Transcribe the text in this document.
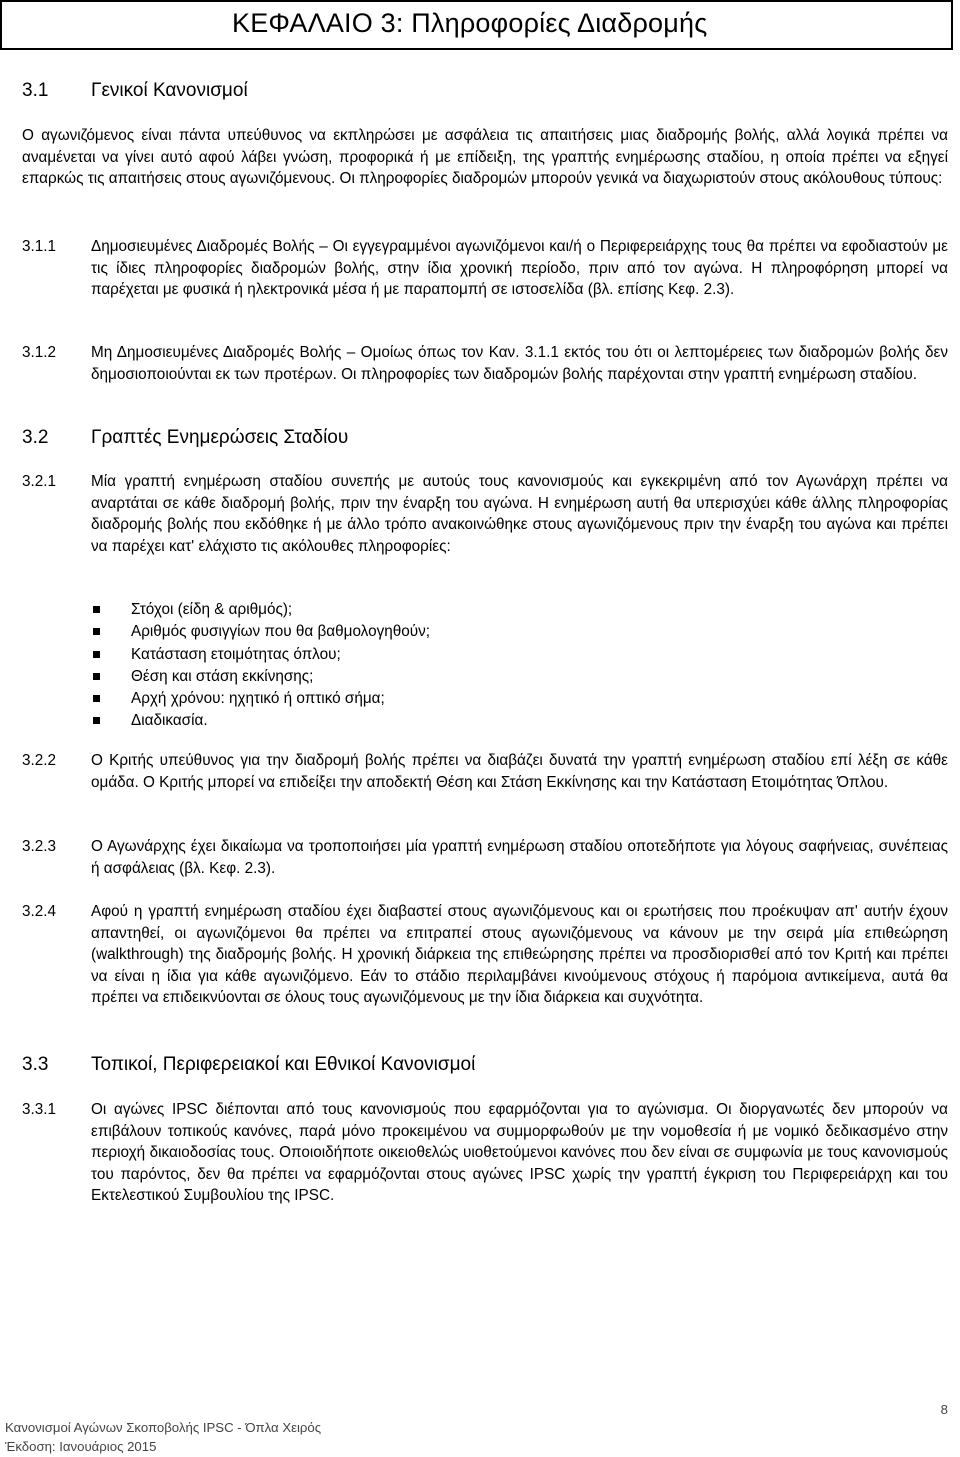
ΚΕΦΑΛΑΙΟ 3: Πληροφορίες Διαδρομής
3.1 Γενικοί Κανονισμοί
Ο αγωνιζόμενος είναι πάντα υπεύθυνος να εκπληρώσει με ασφάλεια τις απαιτήσεις μιας διαδρομής βολής, αλλά λογικά πρέπει να αναμένεται να γίνει αυτό αφού λάβει γνώση, προφορικά ή με επίδειξη, της γραπτής ενημέρωσης σταδίου, η οποία πρέπει να εξηγεί επαρκώς τις απαιτήσεις στους αγωνιζόμενους. Οι πληροφορίες διαδρομών μπορούν γενικά να διαχωριστούν στους ακόλουθους τύπους:
3.1.1 Δημοσιευμένες Διαδρομές Βολής – Οι εγγεγραμμένοι αγωνιζόμενοι και/ή ο Περιφερειάρχης τους θα πρέπει να εφοδιαστούν με τις ίδιες πληροφορίες διαδρομών βολής, στην ίδια χρονική περίοδο, πριν από τον αγώνα. Η πληροφόρηση μπορεί να παρέχεται με φυσικά ή ηλεκτρονικά μέσα ή με παραπομπή σε ιστοσελίδα (βλ. επίσης Κεφ. 2.3).
3.1.2 Μη Δημοσιευμένες Διαδρομές Βολής – Ομοίως όπως τον Καν. 3.1.1 εκτός του ότι οι λεπτομέρειες των διαδρομών βολής δεν δημοσιοποιούνται εκ των προτέρων. Οι πληροφορίες των διαδρομών βολής παρέχονται στην γραπτή ενημέρωση σταδίου.
3.2 Γραπτές Ενημερώσεις Σταδίου
3.2.1 Μία γραπτή ενημέρωση σταδίου συνεπής με αυτούς τους κανονισμούς και εγκεκριμένη από τον Αγωνάρχη πρέπει να αναρτάται σε κάθε διαδρομή βολής, πριν την έναρξη του αγώνα. Η ενημέρωση αυτή θα υπερισχύει κάθε άλλης πληροφορίας διαδρομής βολής που εκδόθηκε ή με άλλο τρόπο ανακοινώθηκε στους αγωνιζόμενους πριν την έναρξη του αγώνα και πρέπει να παρέχει κατ' ελάχιστο τις ακόλουθες πληροφορίες:
Στόχοι (είδη & αριθμός);
Αριθμός φυσιγγίων που θα βαθμολογηθούν;
Κατάσταση ετοιμότητας όπλου;
Θέση και στάση εκκίνησης;
Αρχή χρόνου: ηχητικό ή οπτικό σήμα;
Διαδικασία.
3.2.2 Ο Κριτής υπεύθυνος για την διαδρομή βολής πρέπει να διαβάζει δυνατά την γραπτή ενημέρωση σταδίου επί λέξη σε κάθε ομάδα. Ο Κριτής μπορεί να επιδείξει την αποδεκτή Θέση και Στάση Εκκίνησης και την Κατάσταση Ετοιμότητας Όπλου.
3.2.3 Ο Αγωνάρχης έχει δικαίωμα να τροποποιήσει μία γραπτή ενημέρωση σταδίου οποτεδήποτε για λόγους σαφήνειας, συνέπειας ή ασφάλειας (βλ. Κεφ. 2.3).
3.2.4 Αφού η γραπτή ενημέρωση σταδίου έχει διαβαστεί στους αγωνιζόμενους και οι ερωτήσεις που προέκυψαν απ' αυτήν έχουν απαντηθεί, οι αγωνιζόμενοι θα πρέπει να επιτραπεί στους αγωνιζόμενους να κάνουν με την σειρά μία επιθεώρηση (walkthrough) της διαδρομής βολής. Η χρονική διάρκεια της επιθεώρησης πρέπει να προσδιορισθεί από τον Κριτή και πρέπει να είναι η ίδια για κάθε αγωνιζόμενο. Εάν το στάδιο περιλαμβάνει κινούμενους στόχους ή παρόμοια αντικείμενα, αυτά θα πρέπει να επιδεικνύονται σε όλους τους αγωνιζόμενους με την ίδια διάρκεια και συχνότητα.
3.3 Τοπικοί, Περιφερειακοί και Εθνικοί Κανονισμοί
3.3.1 Οι αγώνες IPSC διέπονται από τους κανονισμούς που εφαρμόζονται για το αγώνισμα. Οι διοργανωτές δεν μπορούν να επιβάλουν τοπικούς κανόνες, παρά μόνο προκειμένου να συμμορφωθούν με την νομοθεσία ή με νομικό δεδικασμένο στην περιοχή δικαιοδοσίας τους. Οποιοιδήποτε οικειοθελώς υιοθετούμενοι κανόνες που δεν είναι σε συμφωνία με τους κανονισμούς του παρόντος, δεν θα πρέπει να εφαρμόζονται στους αγώνες IPSC χωρίς την γραπτή έγκριση του Περιφερειάρχη και του Εκτελεστικού Συμβουλίου της IPSC.
Κανονισμοί Αγώνων Σκοποβολής IPSC - Όπλα Χειρός
Έκδοση: Ιανουάριος 2015
8
